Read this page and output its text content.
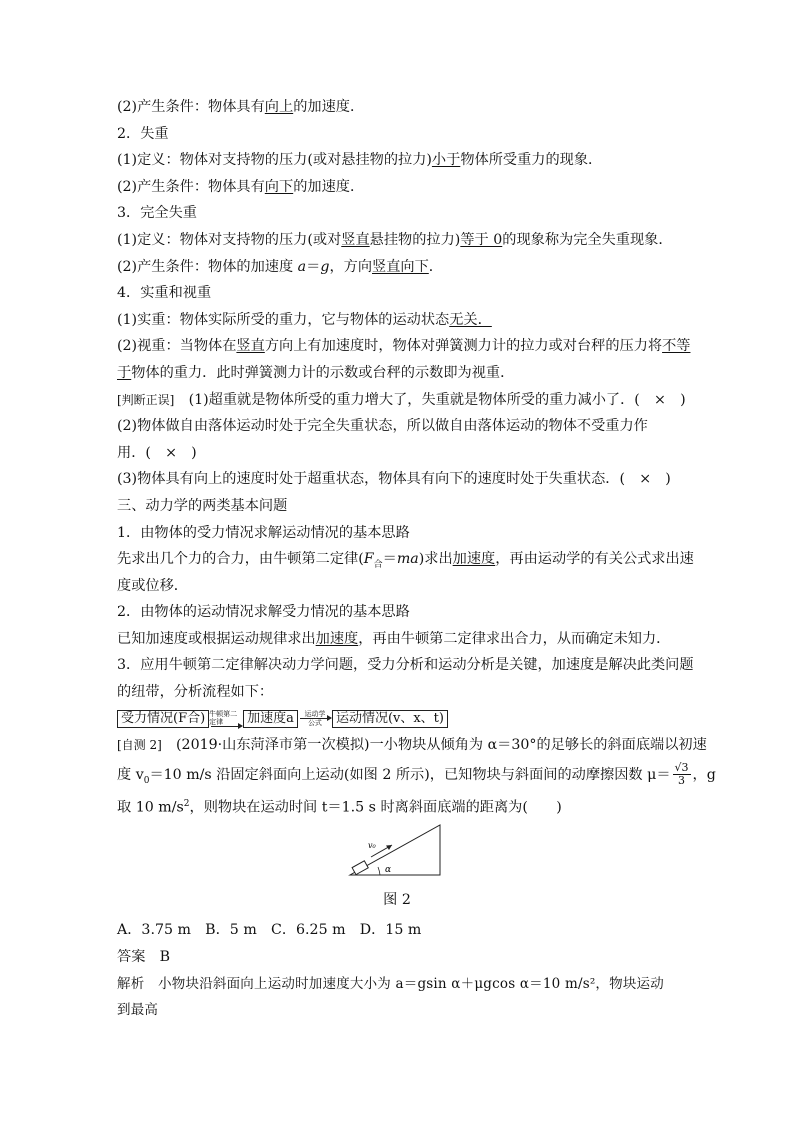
(2)产生条件：物体具有向上的加速度．
2．失重
(1)定义：物体对支持物的压力(或对悬挂物的拉力)小于物体所受重力的现象．
(2)产生条件：物体具有向下的加速度．
3．完全失重
(1)定义：物体对支持物的压力(或对竖直悬挂物的拉力)等于 0的现象称为完全失重现象．
(2)产生条件：物体的加速度 a＝g，方向竖直向下．
4．实重和视重
(1)实重：物体实际所受的重力，它与物体的运动状态无关．
(2)视重：当物体在竖直方向上有加速度时，物体对弹簧测力计的拉力或对台秤的压力将不等
于物体的重力．此时弹簧测力计的示数或台秤的示数即为视重．
[判断正误]　(1)超重就是物体所受的重力增大了，失重就是物体所受的重力减小了．(　×　)
(2)物体做自由落体运动时处于完全失重状态，所以做自由落体运动的物体不受重力作
用．(　×　)
(3)物体具有向上的速度时处于超重状态，物体具有向下的速度时处于失重状态．(　×　)
三、动力学的两类基本问题
1．由物体的受力情况求解运动情况的基本思路
先求出几个力的合力，由牛顿第二定律$(F_合=ma)$求出加速度，再由运动学的有关公式求出速
度或位移．
2．由物体的运动情况求解受力情况的基本思路
已知加速度或根据运动规律求出加速度，再由牛顿第二定律求出合力，从而确定未知力．
3．应用牛顿第二定律解决动力学问题，受力分析和运动分析是关键，加速度是解决此类问题
的纽带，分析流程如下：
受力情况(F合) 牛顿第二定律	加速度a	运动学
公式	运动情况(v、x、t)
[自测 2]　(2019·山东菏泽市第一次模拟)一小物块从倾角为 α＝30°的足够长的斜面底端以初速
度 $v_0=10$ m/s 沿固定斜面向上运动(如图 2 所示)，已知物块与斜面间的动摩擦因数 $\mu= \frac{√3}{3}$ ，g
取 10 $m/s^2$，则物块在运动时间 t＝1.5 s 时离斜面底端的距离为(　　)
v₀
α
图 2
A．3.75 m　B．5 m　C．6.25 m　D．15 m
答案　B
解析　小物块沿斜面向上运动时加速度大小为 a＝gsin α＋μgcos α＝10 m/s²，物块运动到最高
